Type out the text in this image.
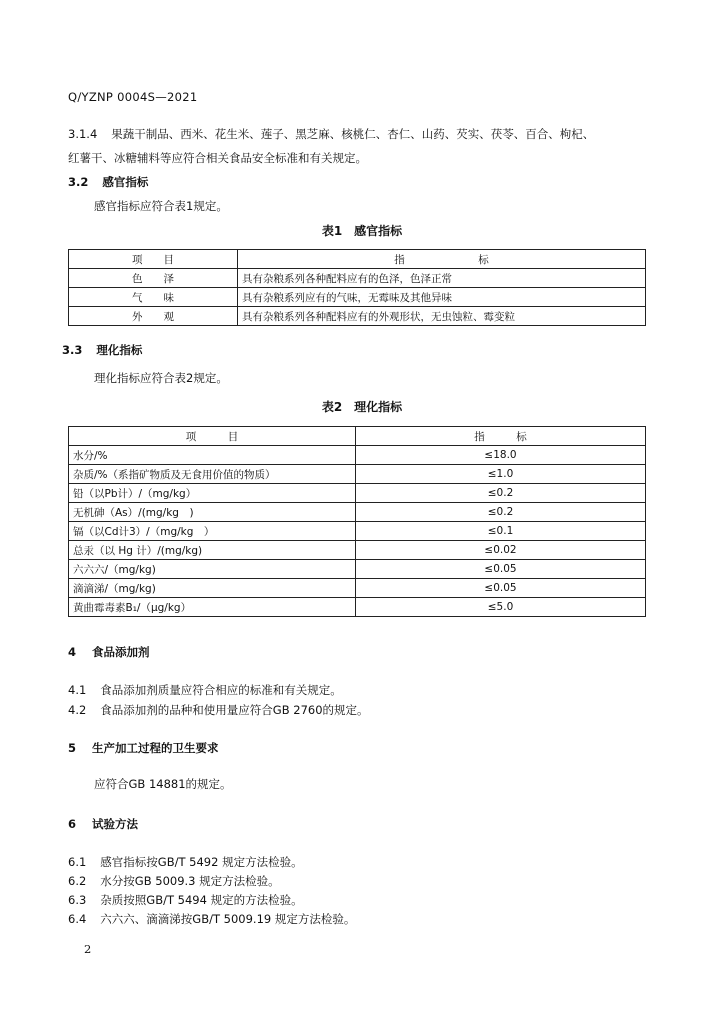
Q/YZNP 0004S—2021
3.1.4 果蔬干制品、西米、花生米、莲子、黑芝麻、核桃仁、杏仁、山药、芡实、茯苓、百合、枸杞、
红薯干、冰糖辅料等应符合相关食品安全标准和有关规定。
3.2 感官指标
感官指标应符合表1规定。
表1　感官指标
项　　目	指　　　　　　　标
色　　泽	具有杂粮系列各种配料应有的色泽，色泽正常
气　　味	具有杂粮系列应有的气味，无霉味及其他异味
外　　观	具有杂粮系列各种配料应有的外观形状，无虫蚀粒、霉变粒
3.3 理化指标
理化指标应符合表2规定。
表2　理化指标
项　　　目	指　　　标
水分/%	≤18.0
杂质/%（系指矿物质及无食用价值的物质）	≤1.0
铅（以Pb计）/（mg/kg）	≤0.2
无机砷（As）/(mg/kg　)	≤0.2
镉（以Cd计3）/（mg/kg　）	≤0.1
总汞（以 Hg 计）/(mg/kg)	≤0.02
六六六/（mg/kg)	≤0.05
滴滴涕/（mg/kg)	≤0.05
黄曲霉毒素B₁/（μg/kg）	≤5.0
4 食品添加剂
4.1 食品添加剂质量应符合相应的标准和有关规定。
4.2 食品添加剂的品种和使用量应符合GB 2760的规定。
5 生产加工过程的卫生要求
应符合GB 14881的规定。
6 试验方法
6.1 感官指标按GB/T 5492 规定方法检验。
6.2 水分按GB 5009.3 规定方法检验。
6.3 杂质按照GB/T 5494 规定的方法检验。
6.4 六六六、滴滴涕按GB/T 5009.19 规定方法检验。
2
